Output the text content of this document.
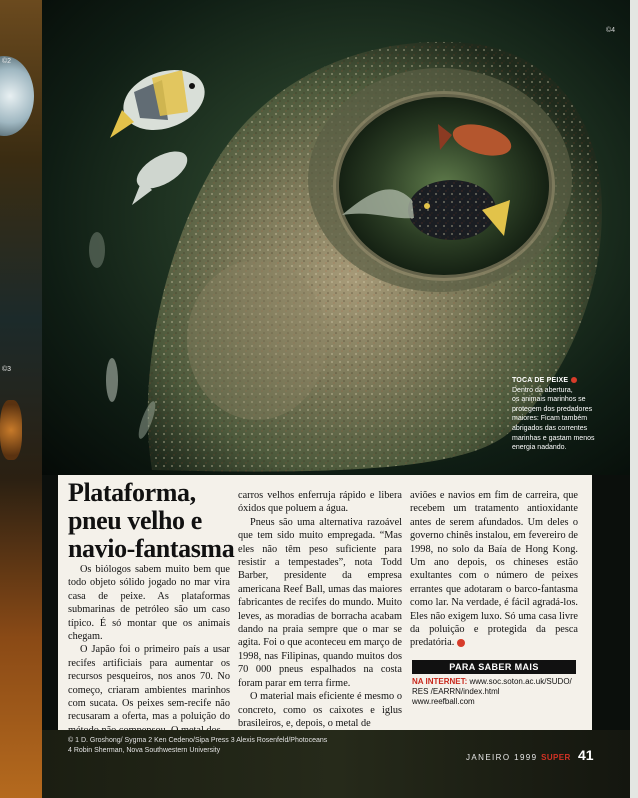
©2
©3
©4
TOCA DE PEIXE
Dentro da abertura,
os animais marinhos se
protegem dos predadores
maiores: Ficam também
abrigados das correntes
marinhas e gastam menos
energia nadando.
Plataforma, pneu velho e navio-fantasma

Os biólogos sabem muito bem que todo objeto sólido jogado no mar vira casa de peixe. As plataformas submarinas de petróleo são um caso típico. É só montar que os animais chegam.

O Japão foi o primeiro país a usar recifes artificiais para aumentar os recursos pesqueiros, nos anos 70. No começo, criaram ambientes marinhos com sucata. Os peixes sem-recife não recusaram a oferta, mas a poluição do

carros velhos enferruja rápido e libera óxidos que poluem a água.

Pneus são uma alternativa razoável que tem sido muito empregada. “Mas eles não têm peso suficiente para resistir a tempestades”, nota Todd Barber, presidente da empresa americana Reef Ball, umas das maiores fabricantes de recifes do mundo. Muito leves, as moradias de borracha acabam dando na praia sempre que o mar se agita. Foi o que aconteceu em março de 1998, nas Filipinas, quando muitos dos 70 000 pneus espalhados na costa foram parar em terra firme.

O material mais eficiente é mesmo o concreto, como os caixotes e iglus brasileiros, e, depois, o metal de

aviões e navios em fim de carreira, que recebem um tratamento antioxidante antes de serem afundados. Um deles o governo chinês instalou, em fevereiro de 1998, no solo da Baía de Hong Kong. Um ano depois, os chineses estão exultantes com o número de peixes errantes que adotaram o barco-fantasma como lar. Na verdade, é fácil agradá-los. Eles não exigem luxo. Só uma casa livre da poluição e protegida da pesca predatória.

PARA SABER MAIS
NA INTERNET: www.soc.soton.ac.uk/SUDO/
RES /EARRN/index.html
www.reefball.com
© 1 D. Groshong/ Sygma 2 Ken Cedeno/Sipa Press 3 Alexis Rosenfeld/Photoceans
4 Robin Sherman, Nova Southwestern University
JANEIRO 1999 SUPER 41
